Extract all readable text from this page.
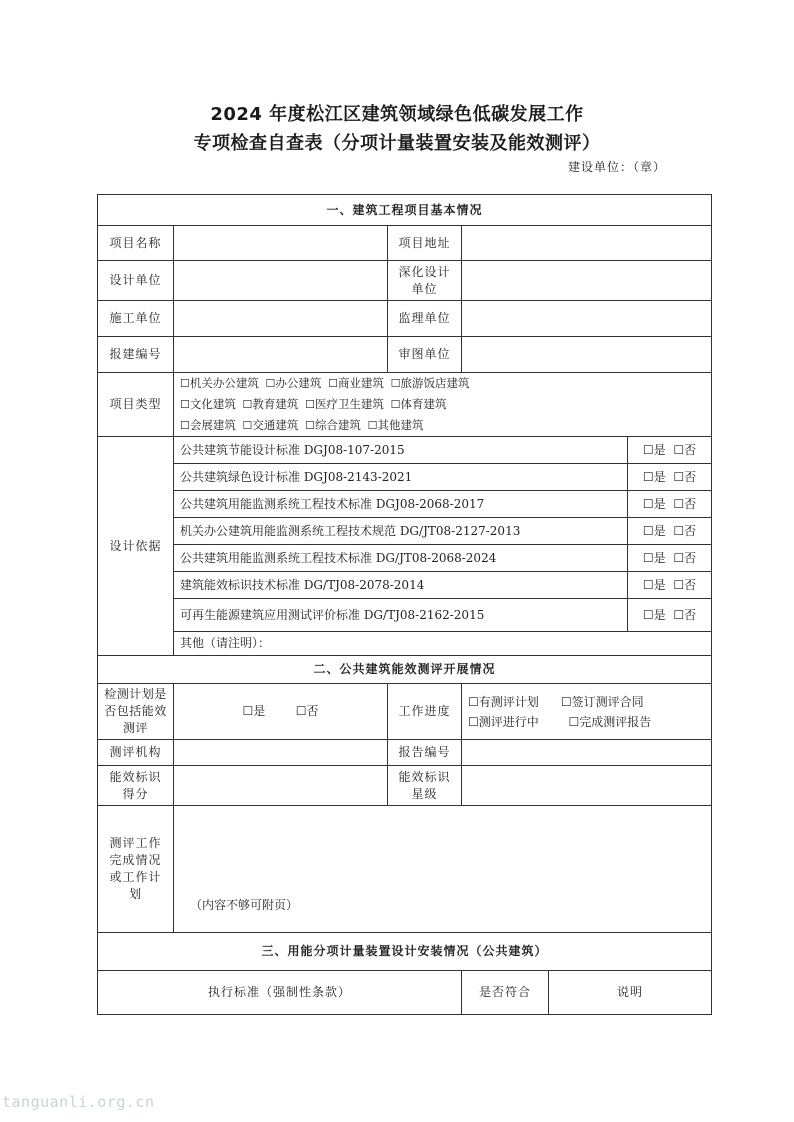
2024 年度松江区建筑领域绿色低碳发展工作
专项检查自查表（分项计量装置安装及能效测评）
建设单位：（章）
一、建筑工程项目基本情况					
项目名称		项目地址			
设计单位		深化设计单位			
施工单位		监理单位			
报建编号		审图单位			
项目类型	☐机关办公建筑 ☐办公建筑 ☐商业建筑 ☐旅游饭店建筑
☐文化建筑 ☐教育建筑 ☐医疗卫生建筑 ☐体育建筑
☐会展建筑 ☐交通建筑 ☐综合建筑 ☐其他建筑				
设计依据	公共建筑节能设计标准 DGJ08-107-2015				☐是 ☐否
	公共建筑绿色设计标准 DGJ08-2143-2021				☐是 ☐否
	公共建筑用能监测系统工程技术标准 DGJ08-2068-2017				☐是 ☐否
	机关办公建筑用能监测系统工程技术规范 DG/JT08-2127-2013				☐是 ☐否
	公共建筑用能监测系统工程技术标准 DG/JT08-2068-2024				☐是 ☐否
	建筑能效标识技术标准 DG/TJ08-2078-2014				☐是 ☐否
	可再生能源建筑应用测试评价标准 DG/TJ08-2162-2015				☐是 ☐否
	其他（请注明）：				
二、公共建筑能效测评开展情况					
检测计划是否包括能效测评	☐是 ☐否	工作进度	☐有测评计划 ☐签订测评合同
☐测评进行中 ☐完成测评报告		
测评机构		报告编号			
能效标识得分		能效标识星级			
测评工作完成情况或工作计划	（内容不够可附页）				
三、用能分项计量装置设计安装情况（公共建筑）					
执行标准（强制性条款）			是否符合	说明	
tanguanli.org.cn
